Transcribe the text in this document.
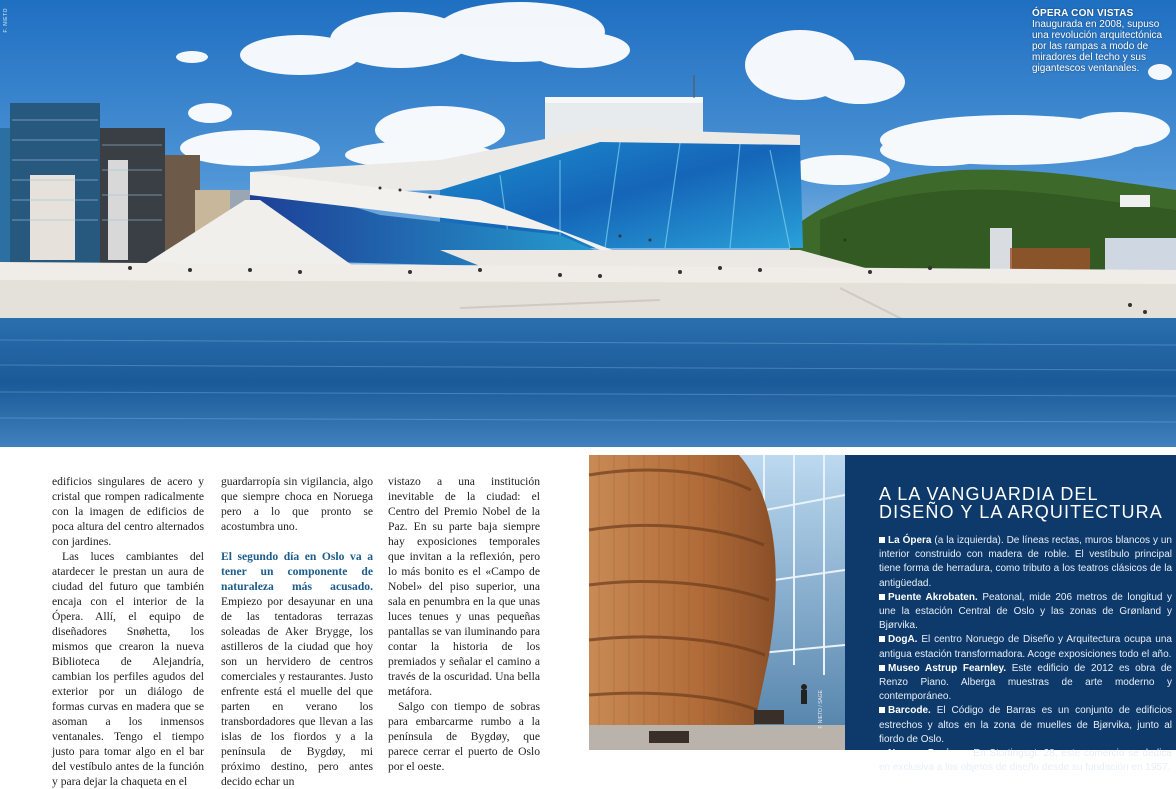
F. NIETO	ÓPERA CON VISTAS
Inaugurada en 2008, supuso una revolución arquitectónica por las rampas a modo de miradores del techo y sus gigantescos ventanales.

edificios singulares de acero y cristal que rompen radicalmente con la imagen de edificios de poca altura del centro alternados con jardines.

Las luces cambiantes del atardecer le prestan un aura de ciudad del futuro que también encaja con el interior de la Ópera. Allí, el equipo de diseñadores Snøhetta, los mismos que crearon la nueva Biblioteca de Alejandría, cambian los perfiles agudos del exterior por un diálogo de formas curvas en madera que se asoman a los inmensos ventanales. Tengo el tiempo justo para tomar algo en el bar del vestíbulo antes de la función y para dejar la chaqueta en el

guardarropía sin vigilancia, algo que siempre choca en Noruega pero a lo que pronto se acostumbra uno.

El segundo día en Oslo va a tener un componente de naturaleza más acusado. Empiezo por desayunar en una de las tentadoras terrazas soleadas de Aker Brygge, los astilleros de la ciudad que hoy son un hervidero de centros comerciales y restaurantes. Justo enfrente está el muelle del que parten en verano los transbordadores que llevan a las islas de los fiordos y a la península de Bygdøy, mi próximo destino, pero antes decido echar un

vistazo a una institución inevitable de la ciudad: el Centro del Premio Nobel de la Paz. En su parte baja siempre hay exposiciones temporales que invitan a la reflexión, pero lo más bonito es el «Campo de Nobel» del piso superior, una sala en penumbra en la que unas luces tenues y unas pequeñas pantallas se van iluminando para contar la historia de los premiados y señalar el camino a través de la oscuridad. Una bella metáfora.

Salgo con tiempo de sobras para embarcarme rumbo a la península de Bygdøy, que parece cerrar el puerto de Oslo por el oeste.

F. NIETO / SAGE
A LA VANGUARDIA DEL DISEÑO Y LA ARQUITECTURA
La Ópera (a la izquierda). De líneas rectas, muros blancos y un interior construido con madera de roble. El vestíbulo principal tiene forma de herradura, como tributo a los teatros clásicos de la antigüedad.
Puente Akrobaten. Peatonal, mide 206 metros de longitud y une la estación Central de Oslo y las zonas de Grønland y Bjørvika.
DogA. El centro Noruego de Diseño y Arquitectura ocupa una antigua estación transformadora. Acoge exposiciones todo el año.
Museo Astrup Fearnley. Este edificio de 2012 es obra de Renzo Piano. Alberga muestras de arte moderno y contemporáneo.
Barcode. El Código de Barras es un conjunto de edificios estrechos y altos en la zona de muelles de Bjørvika, junto al fiordo de Oslo.
Norway Designs. En Stortingsgt. 28, este comercio se dedica en exclusiva a los objetos de diseño desde su fundación en 1957.
